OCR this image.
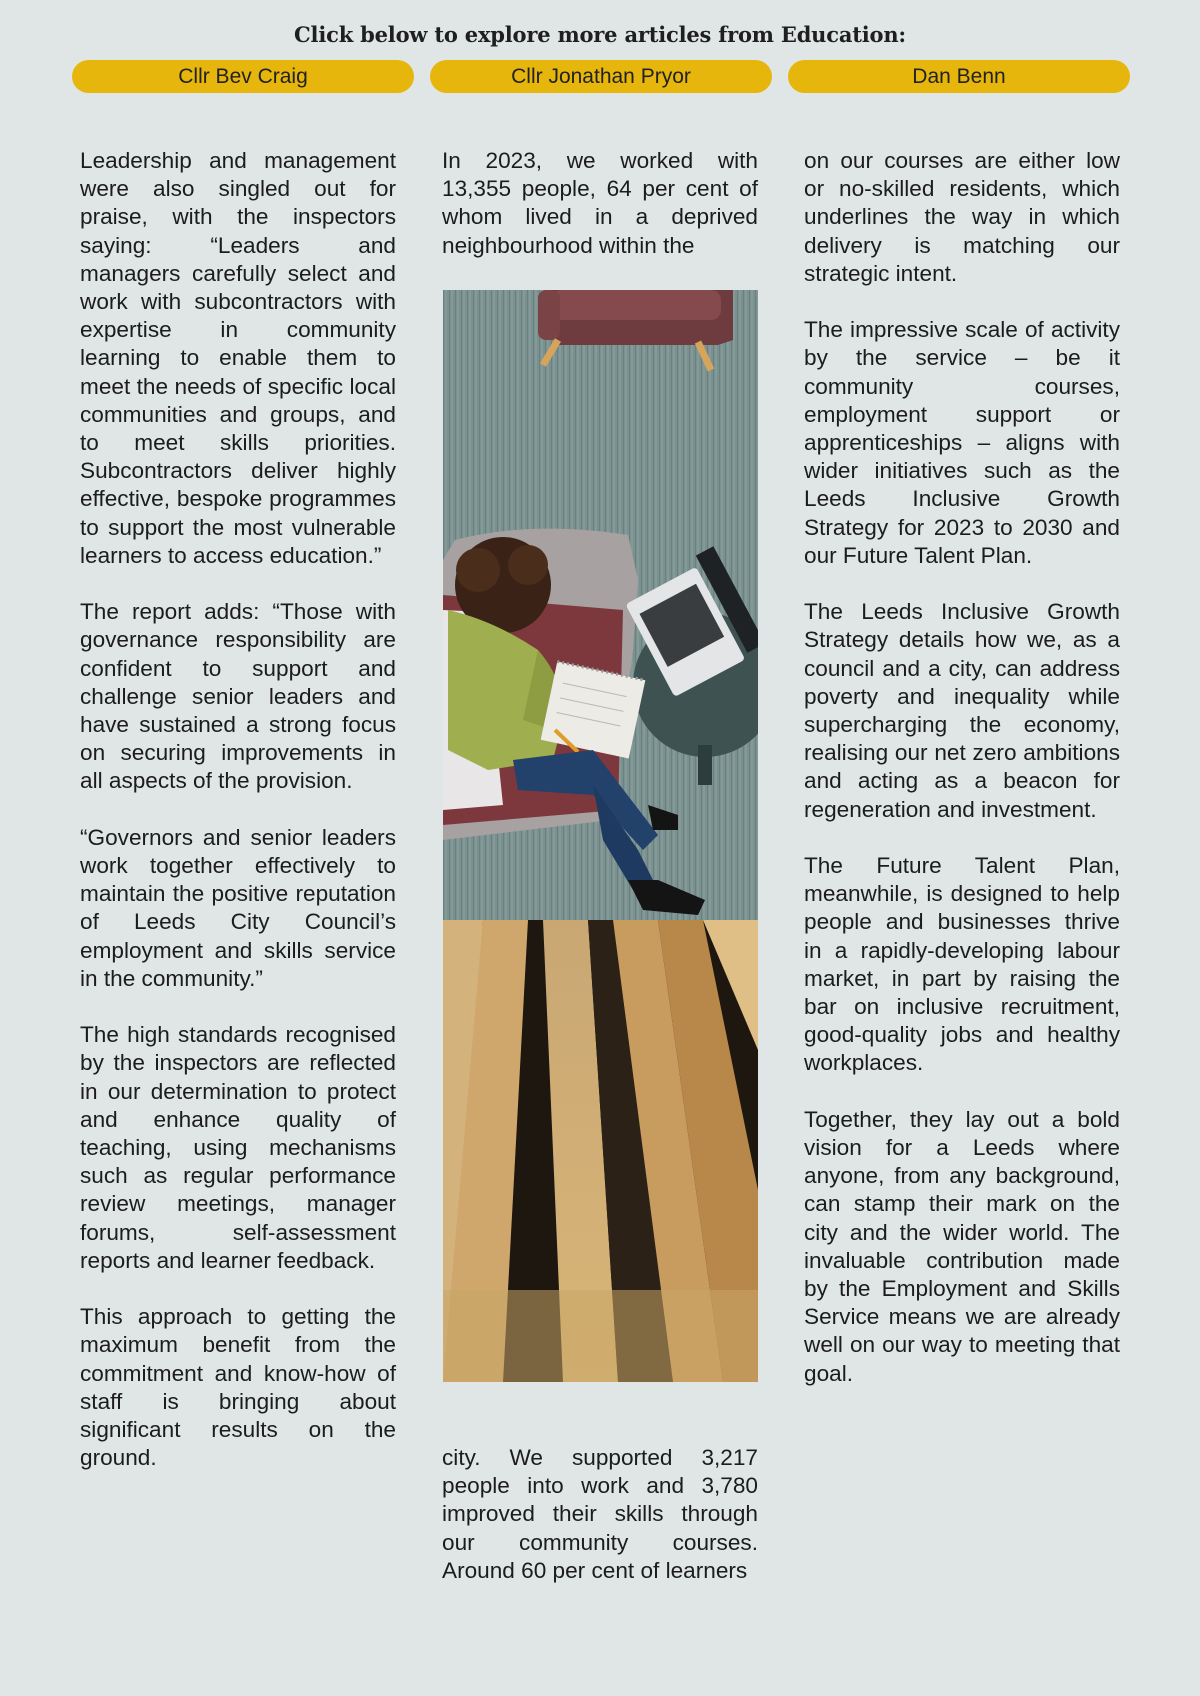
Click below to explore more articles from Education:
Cllr Bev Craig	Cllr Jonathan Pryor	Dan Benn

Leadership and management were also singled out for praise, with the inspectors saying: “Leaders and managers carefully select and work with subcontractors with expertise in community learning to enable them to meet the needs of specific local communities and groups, and to meet skills priorities. Subcontractors deliver highly effective, bespoke programmes to support the most vulnerable learners to access education.”

The report adds: “Those with governance responsibility are confident to support and challenge senior leaders and have sustained a strong focus on securing improvements in all aspects of the provision.

“Governors and senior leaders work together effectively to maintain the positive reputation of Leeds City Council’s employment and skills service in the community.”

The high standards recognised by the inspectors are reflected in our determination to protect and enhance quality of teaching, using mechanisms such as regular performance review meetings, manager forums, self-assessment reports and learner feedback.

This approach to getting the maximum benefit from the commitment and know-how of staff is bringing about significant results on the ground.

In 2023, we worked with 13,355 people, 64 per cent of whom lived in a deprived neighbourhood within the

city. We supported 3,217 people into work and 3,780 improved their skills through our community courses. Around 60 per cent of learners

on our courses are either low or no-skilled residents, which underlines the way in which delivery is matching our strategic intent.

The impressive scale of activity by the service – be it community courses, employment support or apprenticeships – aligns with wider initiatives such as the Leeds Inclusive Growth Strategy for 2023 to 2030 and our Future Talent Plan.

The Leeds Inclusive Growth Strategy details how we, as a council and a city, can address poverty and inequality while supercharging the economy, realising our net zero ambitions and acting as a beacon for regeneration and investment.

The Future Talent Plan, meanwhile, is designed to help people and businesses thrive in a rapidly-developing labour market, in part by raising the bar on inclusive recruitment, good-quality jobs and healthy workplaces.

Together, they lay out a bold vision for a Leeds where anyone, from any background, can stamp their mark on the city and the wider world. The invaluable contribution made by the Employment and Skills Service means we are already well on our way to meeting that goal.
